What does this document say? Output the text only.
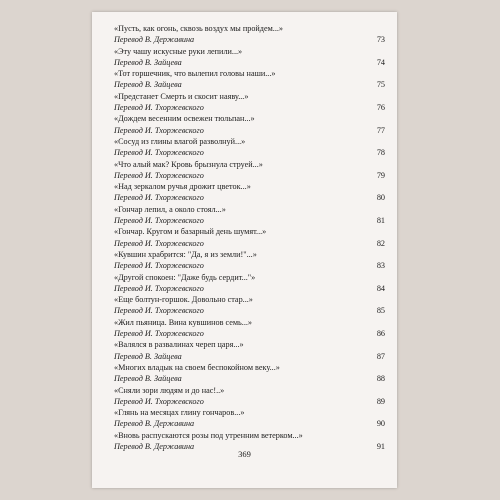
«Пусть, как огонь, сквозь воздух мы пройдем...»
Перевод В. Державина	73
«Эту чашу искусные руки лепили...»
Перевод В. Зайцева	74
«Тот горшечник, что вылепил головы наши...»
Перевод В. Зайцева	75
«Предстанет Смерть и скосит наяву...»
Перевод И. Тхоржевского	76
«Дождем весенним освежен тюльпан...»
Перевод И. Тхоржевского	77
«Сосуд из глины влагой разволнуй...»
Перевод И. Тхоржевского	78
«Что алый мак? Кровь брызнула струей...»
Перевод И. Тхоржевского	79
«Над зеркалом ручья дрожит цветок...»
Перевод И. Тхоржевского	80
«Гончар лепил, а около стоял...»
Перевод И. Тхоржевского	81
«Гончар. Кругом и базарный день шумят...»
Перевод И. Тхоржевского	82
«Кувшин храбрится: "Да, я из земли!"...»
Перевод И. Тхоржевского	83
«Другой спокоен: "Даже будь сердит..."»
Перевод И. Тхоржевского	84
«Еще болтун-горшок. Довольно стар...»
Перевод И. Тхоржевского	85
«Жил пьяница. Вина кувшинов семь...»
Перевод И. Тхоржевского	86
«Валялся в развалинах череп царя...»
Перевод В. Зайцева	87
«Многих владык на своем беспокойном веку...»
Перевод В. Зайцева	88
«Сняли зори людям и до нас!..»
Перевод И. Тхоржевского	89
«Глянь на месяцах глину гончаров...»
Перевод В. Державина	90
«Вновь распускаются розы под утренним ветерком...»
Перевод В. Державина	91
369
